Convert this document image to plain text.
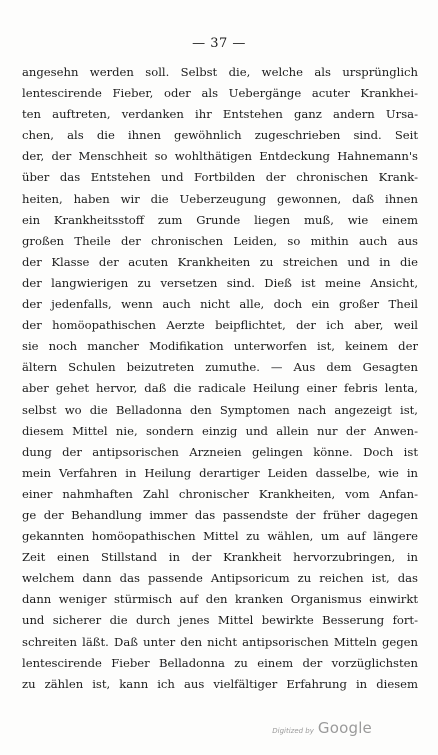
— 37 —
angesehn werden soll. Selbst die, welche als ursprünglich
lentescirende Fieber, oder als Uebergänge acuter Krankhei-
ten auftreten, verdanken ihr Entstehen ganz andern Ursa-
chen, als die ihnen gewöhnlich zugeschrieben sind. Seit
der, der Menschheit so wohlthätigen Entdeckung Hahnemann's
über das Entstehen und Fortbilden der chronischen Krank-
heiten, haben wir die Ueberzeugung gewonnen, daß ihnen
ein Krankheitsstoff zum Grunde liegen muß, wie einem
großen Theile der chronischen Leiden, so mithin auch aus
der Klasse der acuten Krankheiten zu streichen und in die
der langwierigen zu versetzen sind. Dieß ist meine Ansicht,
der jedenfalls, wenn auch nicht alle, doch ein großer Theil
der homöopathischen Aerzte beipflichtet, der ich aber, weil
sie noch mancher Modifikation unterworfen ist, keinem der
ältern Schulen beizutreten zumuthe. — Aus dem Gesagten
aber gehet hervor, daß die radicale Heilung einer febris lenta,
selbst wo die Belladonna den Symptomen nach angezeigt ist,
diesem Mittel nie, sondern einzig und allein nur der Anwen-
dung der antipsorischen Arzneien gelingen könne. Doch ist
mein Verfahren in Heilung derartiger Leiden dasselbe, wie in
einer nahmhaften Zahl chronischer Krankheiten, vom Anfan-
ge der Behandlung immer das passendste der früher dagegen
gekannten homöopathischen Mittel zu wählen, um auf längere
Zeit einen Stillstand in der Krankheit hervorzubringen, in
welchem dann das passende Antipsoricum zu reichen ist, das
dann weniger stürmisch auf den kranken Organismus einwirkt
und sicherer die durch jenes Mittel bewirkte Besserung fort-
schreiten läßt. Daß unter den nicht antipsorischen Mitteln gegen
lentescirende Fieber Belladonna zu einem der vorzüglichsten
zu zählen ist, kann ich aus vielfältiger Erfahrung in diesem
Digitized by Google
